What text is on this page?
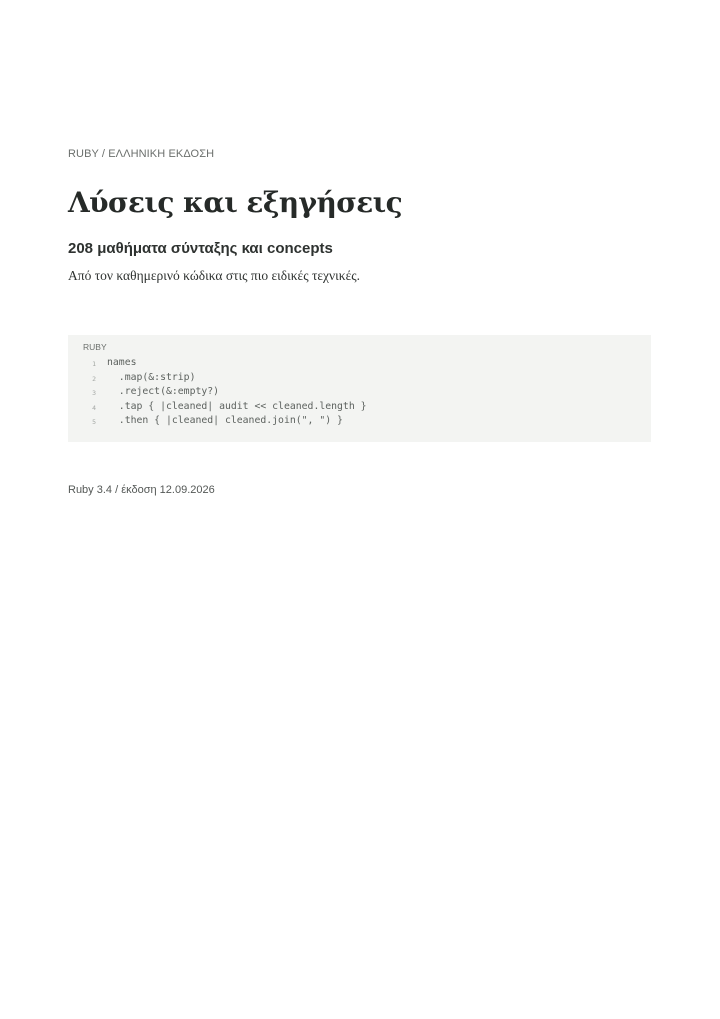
RUBY / ΕΛΛΗΝΙΚΗ ΕΚΔΟΣΗ
Λύσεις και εξηγήσεις
208 μαθήματα σύνταξης και concepts

Από τον καθημερινό κώδικα στις πιο ειδικές τεχνικές.

RUBY
1	names
2	.map(&:strip)
3	.reject(&:empty?)
4	.tap { |cleaned| audit << cleaned.length }
5	.then { |cleaned| cleaned.join(", ") }
Ruby 3.4 / έκδοση 12.09.2026
